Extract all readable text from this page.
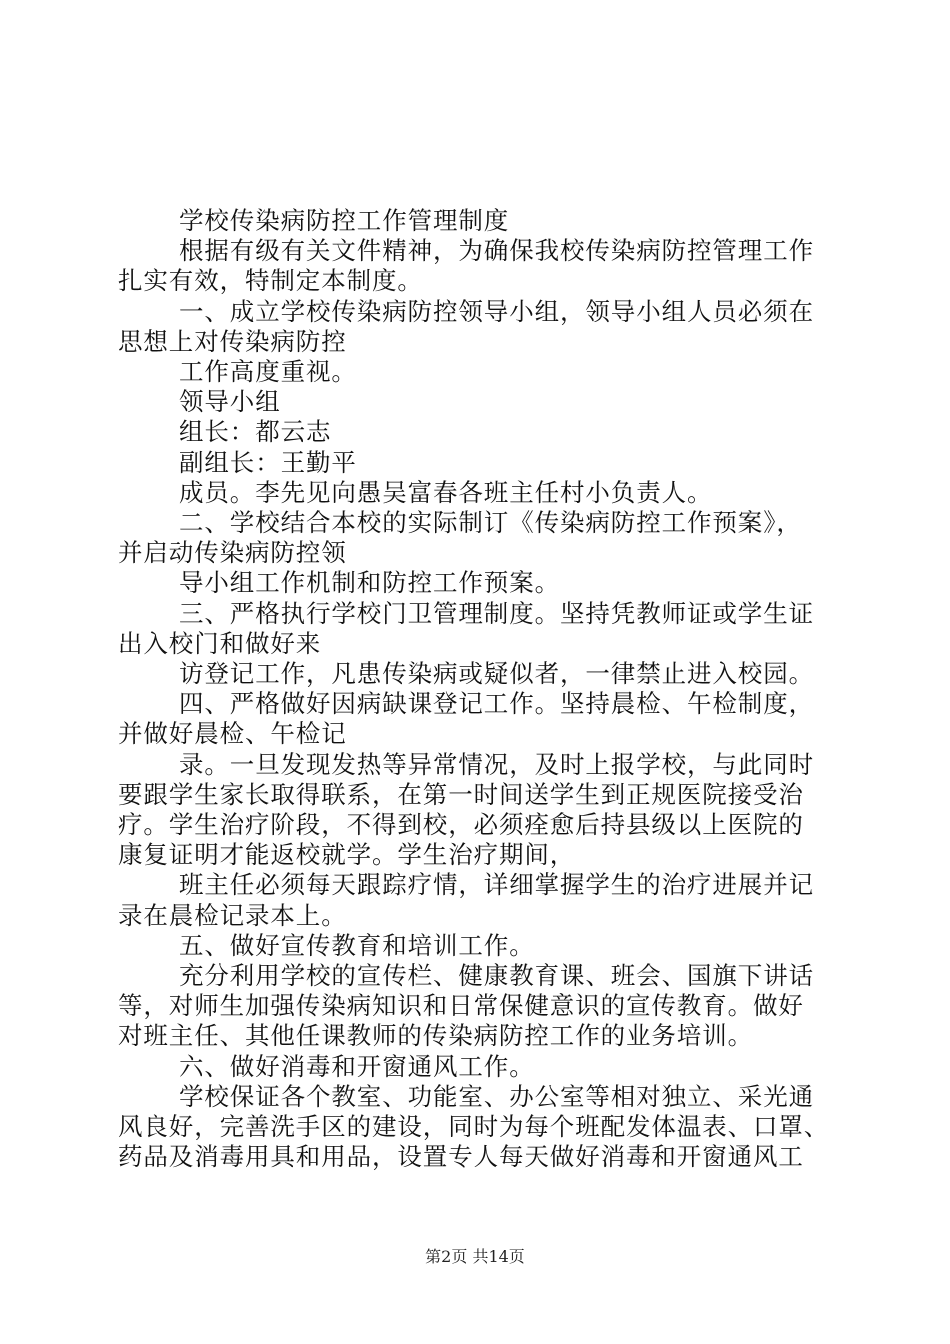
学校传染病防控工作管理制度

根据有级有关文件精神，为确保我校传染病防控管理工作

扎实有效，特制定本制度。

一、成立学校传染病防控领导小组，领导小组人员必须在

思想上对传染病防控

工作高度重视。

领导小组

组长：都云志

副组长：王勤平

成员。李先见向愚吴富春各班主任村小负责人。

二、学校结合本校的实际制订《传染病防控工作预案》，

并启动传染病防控领

导小组工作机制和防控工作预案。

三、严格执行学校门卫管理制度。坚持凭教师证或学生证

出入校门和做好来

访登记工作，凡患传染病或疑似者，一律禁止进入校园。

四、严格做好因病缺课登记工作。坚持晨检、午检制度，

并做好晨检、午检记

录。一旦发现发热等异常情况，及时上报学校，与此同时

要跟学生家长取得联系，在第一时间送学生到正规医院接受治

疗。学生治疗阶段，不得到校，必须痊愈后持县级以上医院的

康复证明才能返校就学。学生治疗期间，

班主任必须每天跟踪疗情，详细掌握学生的治疗进展并记

录在晨检记录本上。

五、做好宣传教育和培训工作。

充分利用学校的宣传栏、健康教育课、班会、国旗下讲话

等，对师生加强传染病知识和日常保健意识的宣传教育。做好

对班主任、其他任课教师的传染病防控工作的业务培训。

六、做好消毒和开窗通风工作。

学校保证各个教室、功能室、办公室等相对独立、采光通

风良好，完善洗手区的建设，同时为每个班配发体温表、口罩、

药品及消毒用具和用品，设置专人每天做好消毒和开窗通风工

第2页 共14页
